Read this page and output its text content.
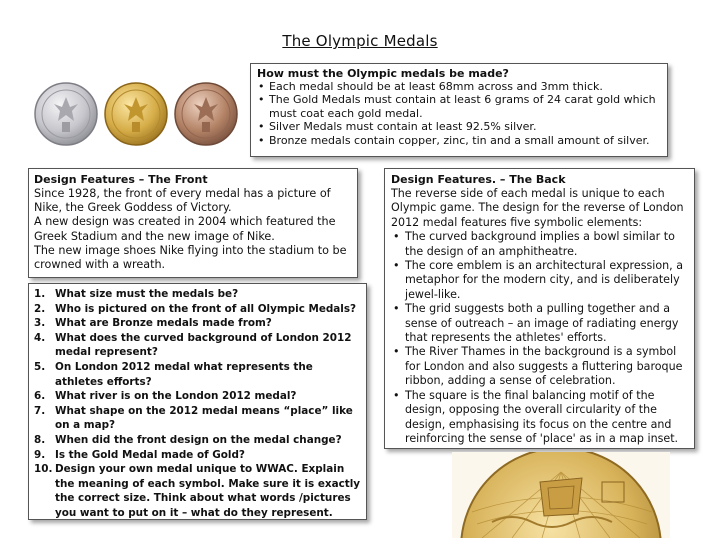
The Olympic Medals
How must the Olympic medals be made?
• Each medal should be at least 68mm across and 3mm thick.
• The Gold Medals must contain at least 6 grams of 24 carat gold which must coat each gold medal.
• Silver Medals must contain at least 92.5% silver.
• Bronze medals contain copper, zinc, tin and a small amount of silver.
Design Features – The Front

Since 1928, the front of every medal has a picture of Nike, the Greek Goddess of Victory.

A new design was created in 2004 which featured the Greek Stadium and the new image of Nike.

The new image shoes Nike flying into the stadium to be crowned with a wreath.

1. What size must the medals be?
2. Who is pictured on the front of all Olympic Medals?
3. What are Bronze medals made from?
4. What does the curved background of London 2012 medal represent?
5. On London 2012 medal what represents the athletes efforts?
6. What river is on the London 2012 medal?
7. What shape on the 2012 medal means “place” like on a map?
8. When did the front design on the medal change?
9. Is the Gold Medal made of Gold?
10. Design your own medal unique to WWAC. Explain the meaning of each symbol. Make sure it is exactly the correct size. Think about what words /pictures you want to put on it – what do they represent.
Design Features. – The Back

The reverse side of each medal is unique to each Olympic game. The design for the reverse of London 2012 medal features five symbolic elements:

• The curved background implies a bowl similar to the design of an amphitheatre.
• The core emblem is an architectural expression, a metaphor for the modern city, and is deliberately jewel-like.
• The grid suggests both a pulling together and a sense of outreach – an image of radiating energy that represents the athletes' efforts.
• The River Thames in the background is a symbol for London and also suggests a fluttering baroque ribbon, adding a sense of celebration.
• The square is the final balancing motif of the design, opposing the overall circularity of the design, emphasising its focus on the centre and reinforcing the sense of 'place' as in a map inset.
